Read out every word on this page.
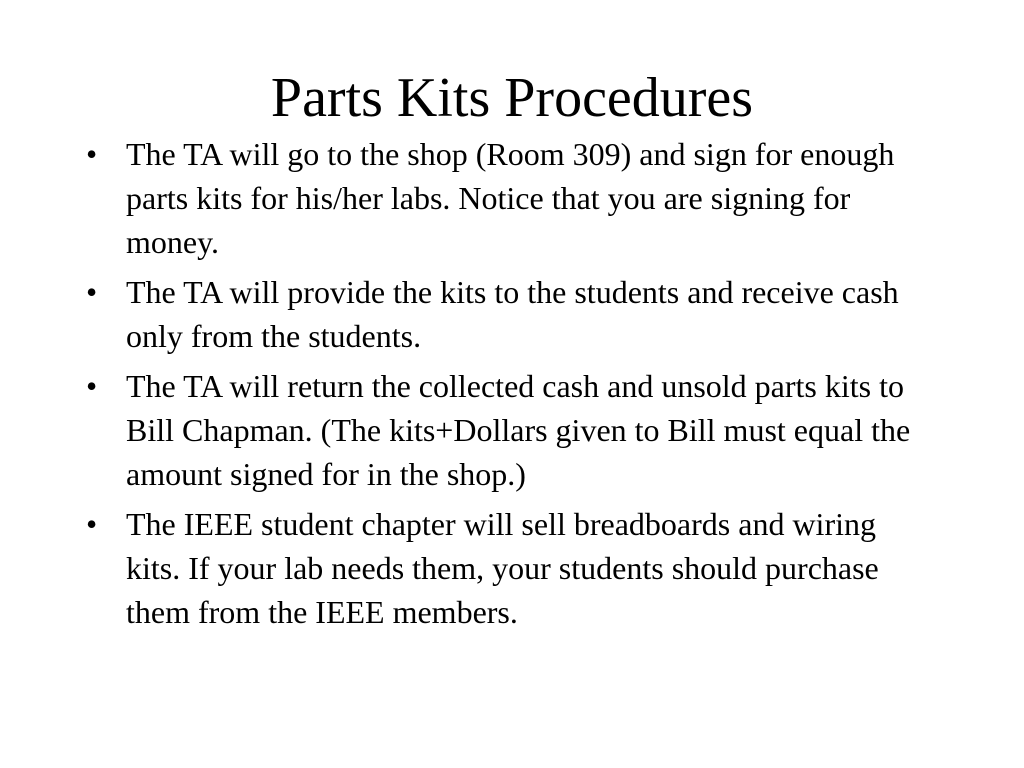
Parts Kits Procedures
• The TA will go to the shop (Room 309) and sign for enough parts kits for his/her labs. Notice that you are signing for money.
• The TA will provide the kits to the students and receive cash only from the students.
• The TA will return the collected cash and unsold parts kits to Bill Chapman. (The kits+Dollars given to Bill must equal the amount signed for in the shop.)
• The IEEE student chapter will sell breadboards and wiring kits. If your lab needs them, your students should purchase them from the IEEE members.
